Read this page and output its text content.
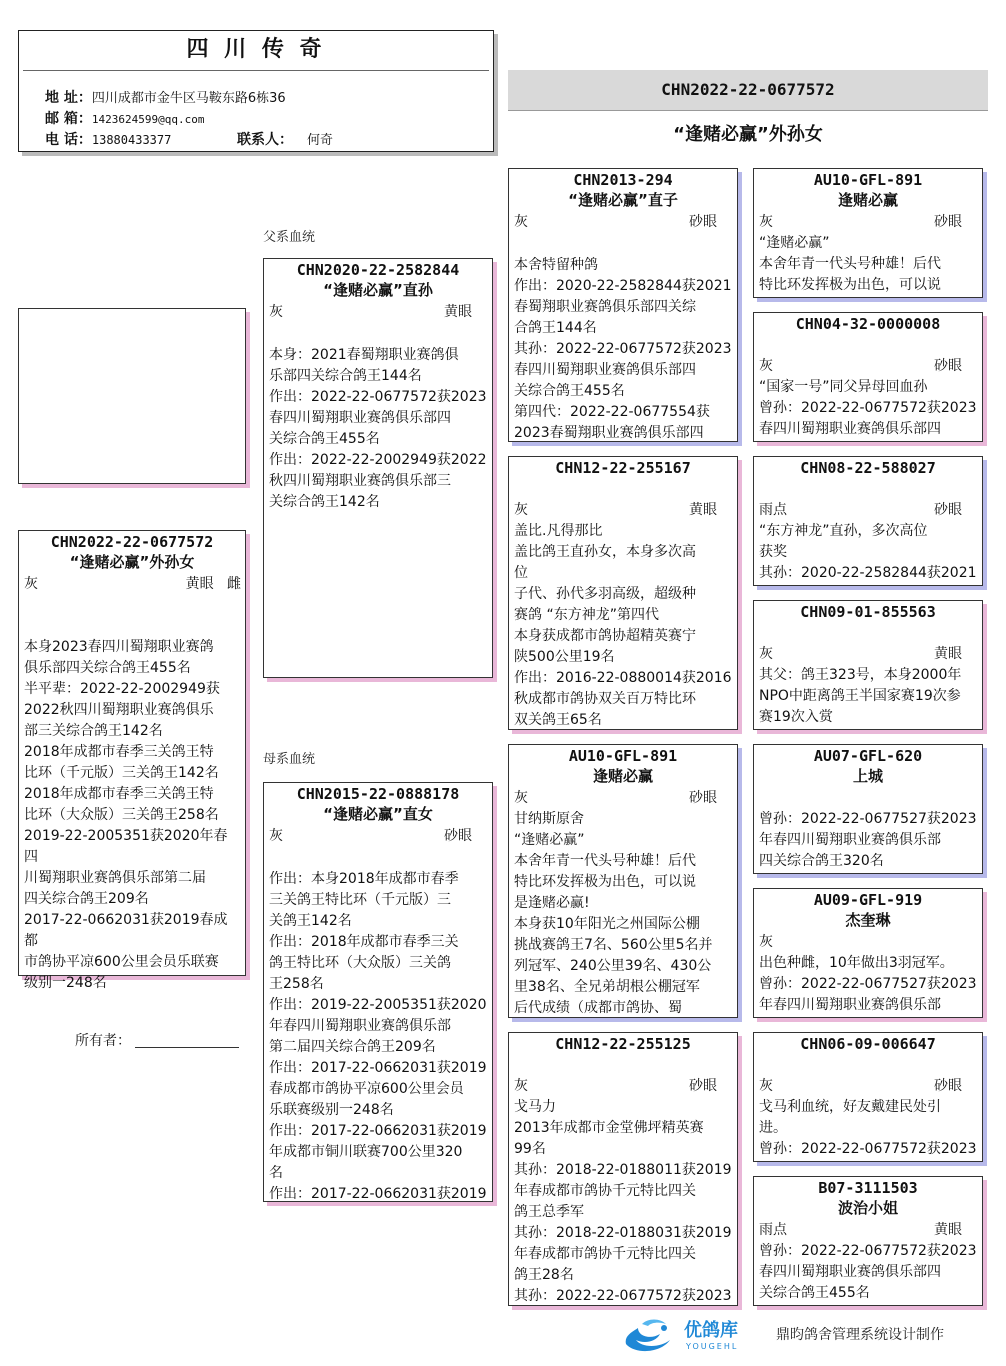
四 川 传 奇
地 址：四川成都市金牛区马鞍东路6栋36
邮 箱：1423624599@qq.com
电 话：13880433377	联系人： 何奇
CHN2022-22-0677572
“逢赌必赢”外孙女
父系血统
母系血统
CHN2022-22-0677572
“逢赌必赢”外孙女
灰	黄眼 雌
本身2023春四川蜀翔职业赛鸽
俱乐部四关综合鸽王455名
半平辈：2022-22-2002949获
2022秋四川蜀翔职业赛鸽俱乐
部三关综合鸽王142名
2018年成都市春季三关鸽王特
比环（千元版）三关鸽王142名
2018年成都市春季三关鸽王特
比环（大众版）三关鸽王258名
2019-22-2005351获2020年春四
川蜀翔职业赛鸽俱乐部第二届
四关综合鸽王209名
2017-22-0662031获2019春成都
市鸽协平凉600公里会员乐联赛
级别一248名
所有者：
CHN2020-22-2582844
“逢赌必赢”直孙
灰	黄眼
本身：2021春蜀翔职业赛鸽俱
乐部四关综合鸽王144名
作出：2022-22-0677572获2023
春四川蜀翔职业赛鸽俱乐部四
关综合鸽王455名
作出：2022-22-2002949获2022
秋四川蜀翔职业赛鸽俱乐部三
关综合鸽王142名
CHN2015-22-0888178
“逢赌必赢”直女
灰	砂眼
作出：本身2018年成都市春季
三关鸽王特比环（千元版）三
关鸽王142名
作出：2018年成都市春季三关
鸽王特比环（大众版）三关鸽
王258名
作出：2019-22-2005351获2020
年春四川蜀翔职业赛鸽俱乐部
第二届四关综合鸽王209名
作出：2017-22-0662031获2019
春成都市鸽协平凉600公里会员
乐联赛级别一248名
作出：2017-22-0662031获2019
年成都市铜川联赛700公里320
名
作出：2017-22-0662031获2019
CHN2013-294
“逢赌必赢”直子
灰	砂眼
本舍特留种鸽
作出：2020-22-2582844获2021
春蜀翔职业赛鸽俱乐部四关综
合鸽王144名
其孙：2022-22-0677572获2023
春四川蜀翔职业赛鸽俱乐部四
关综合鸽王455名
第四代：2022-22-0677554获
2023春蜀翔职业赛鸽俱乐部四
CHN12-22-255167
灰	黄眼
盖比.凡得那比
盖比鸽王直孙女，本身多次高
位
子代、孙代多羽高级，超级种
赛鸽 “东方神龙”第四代
本身获成都市鸽协超精英赛宁
陕500公里19名
作出：2016-22-0880014获2016
秋成都市鸽协双关百万特比环
双关鸽王65名
AU10-GFL-891
逢赌必赢
灰	砂眼
甘纳斯原舍
“逢赌必赢”
本舍年青一代头号种雄！后代
特比环发挥极为出色，可以说
是逢赌必赢!
本身获10年阳光之州国际公棚
挑战赛鸽王7名、560公里5名并
列冠军、240公里39名、430公
里38名、全兄弟胡根公棚冠军
后代成绩（成都市鸽协、蜀
CHN12-22-255125
灰	砂眼
戈马力
2013年成都市金堂佛坪精英赛
99名
其孙：2018-22-0188011获2019
年春成都市鸽协千元特比四关
鸽王总季军
其孙：2018-22-0188031获2019
年春成都市鸽协千元特比四关
鸽王28名
其孙：2022-22-0677572获2023
AU10-GFL-891
逢赌必赢
灰	砂眼
“逢赌必赢”
本舍年青一代头号种雄！后代
特比环发挥极为出色，可以说
CHN04-32-0000008
灰	砂眼
“国家一号”同父异母回血孙
曾孙：2022-22-0677572获2023
春四川蜀翔职业赛鸽俱乐部四
CHN08-22-588027
雨点	砂眼
“东方神龙”直孙，多次高位
获奖
其孙：2020-22-2582844获2021
CHN09-01-855563
灰	黄眼
其父：鸽王323号，本身2000年
NPO中距离鸽王半国家赛19次参
赛19次入赏
AU07-GFL-620
上城
曾孙：2022-22-0677527获2023
年春四川蜀翔职业赛鸽俱乐部
四关综合鸽王320名
AU09-GFL-919
杰奎琳
灰
出色种雌，10年做出3羽冠军。
曾孙：2022-22-0677527获2023
年春四川蜀翔职业赛鸽俱乐部
CHN06-09-006647
灰	砂眼
戈马利血统，好友戴建民处引
进。
曾孙：2022-22-0677572获2023
B07-3111503
波治小姐
雨点	黄眼
曾孙：2022-22-0677572获2023
春四川蜀翔职业赛鸽俱乐部四
关综合鸽王455名
优鸽库
YOUGEHL
鼎昀鸽舍管理系统设计制作
